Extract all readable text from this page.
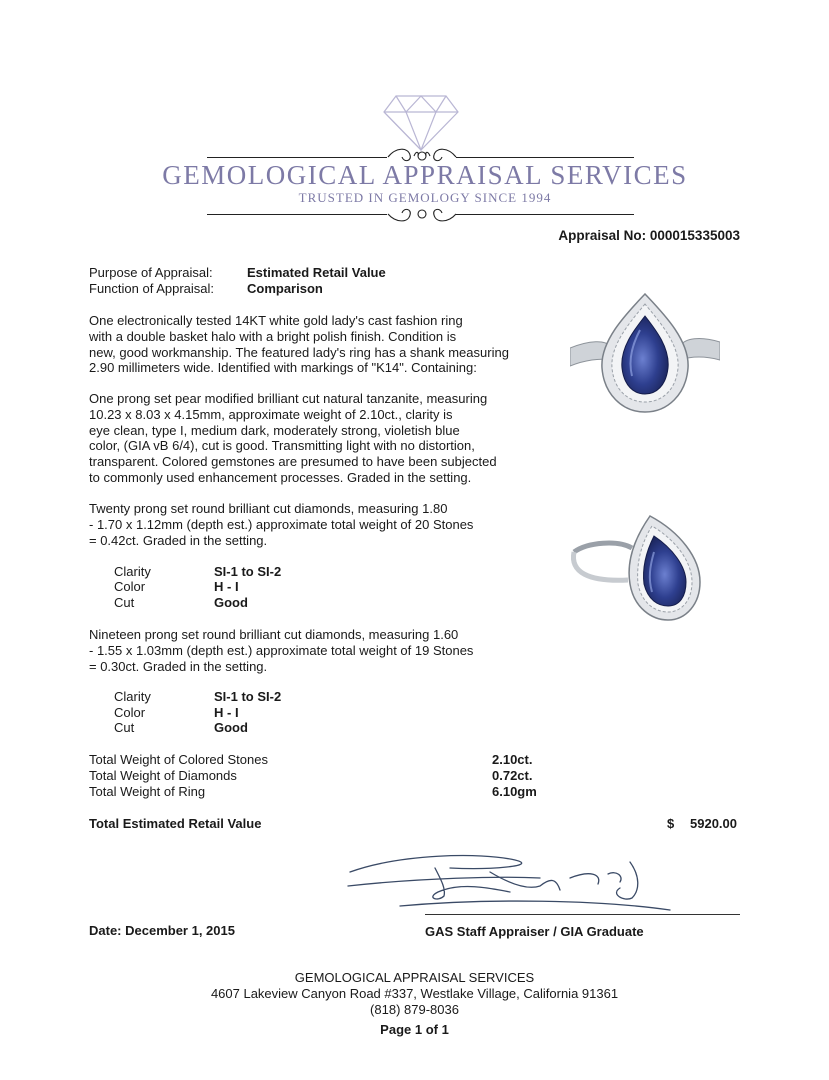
GEMOLOGICAL APPRAISAL SERVICES
TRUSTED IN GEMOLOGY SINCE 1994
Appraisal No: 000015335003
Purpose of Appraisal:	Estimated Retail Value
Function of Appraisal:	Comparison
One electronically tested 14KT white gold lady's cast fashion ring
with a double basket halo with a bright polish finish. Condition is
new, good workmanship. The featured lady's ring has a shank measuring
2.90 millimeters wide. Identified with markings of "K14". Containing:
One prong set pear modified brilliant cut natural tanzanite, measuring
10.23 x 8.03 x 4.15mm, approximate weight of 2.10ct., clarity is
eye clean, type I, medium dark, moderately strong, violetish blue
color, (GIA vB 6/4), cut is good. Transmitting light with no distortion,
transparent. Colored gemstones are presumed to have been subjected
to commonly used enhancement processes. Graded in the setting.
Twenty prong set round brilliant cut diamonds, measuring 1.80
- 1.70 x 1.12mm (depth est.) approximate total weight of 20 Stones
= 0.42ct. Graded in the setting.
Clarity	SI-1 to SI-2
Color	H - I
Cut	Good
Nineteen prong set round brilliant cut diamonds, measuring 1.60
- 1.55 x 1.03mm (depth est.) approximate total weight of 19 Stones
= 0.30ct. Graded in the setting.
Clarity	SI-1 to SI-2
Color	H - I
Cut	Good
Total Weight of Colored Stones	2.10ct.
Total Weight of Diamonds	0.72ct.
Total Weight of Ring	6.10gm
Total Estimated Retail Value	$ 5920.00
Date: December 1, 2015	GAS Staff Appraiser / GIA Graduate
GEMOLOGICAL APPRAISAL SERVICES
4607 Lakeview Canyon Road #337, Westlake Village, California 91361
(818) 879-8036
Page 1 of 1
